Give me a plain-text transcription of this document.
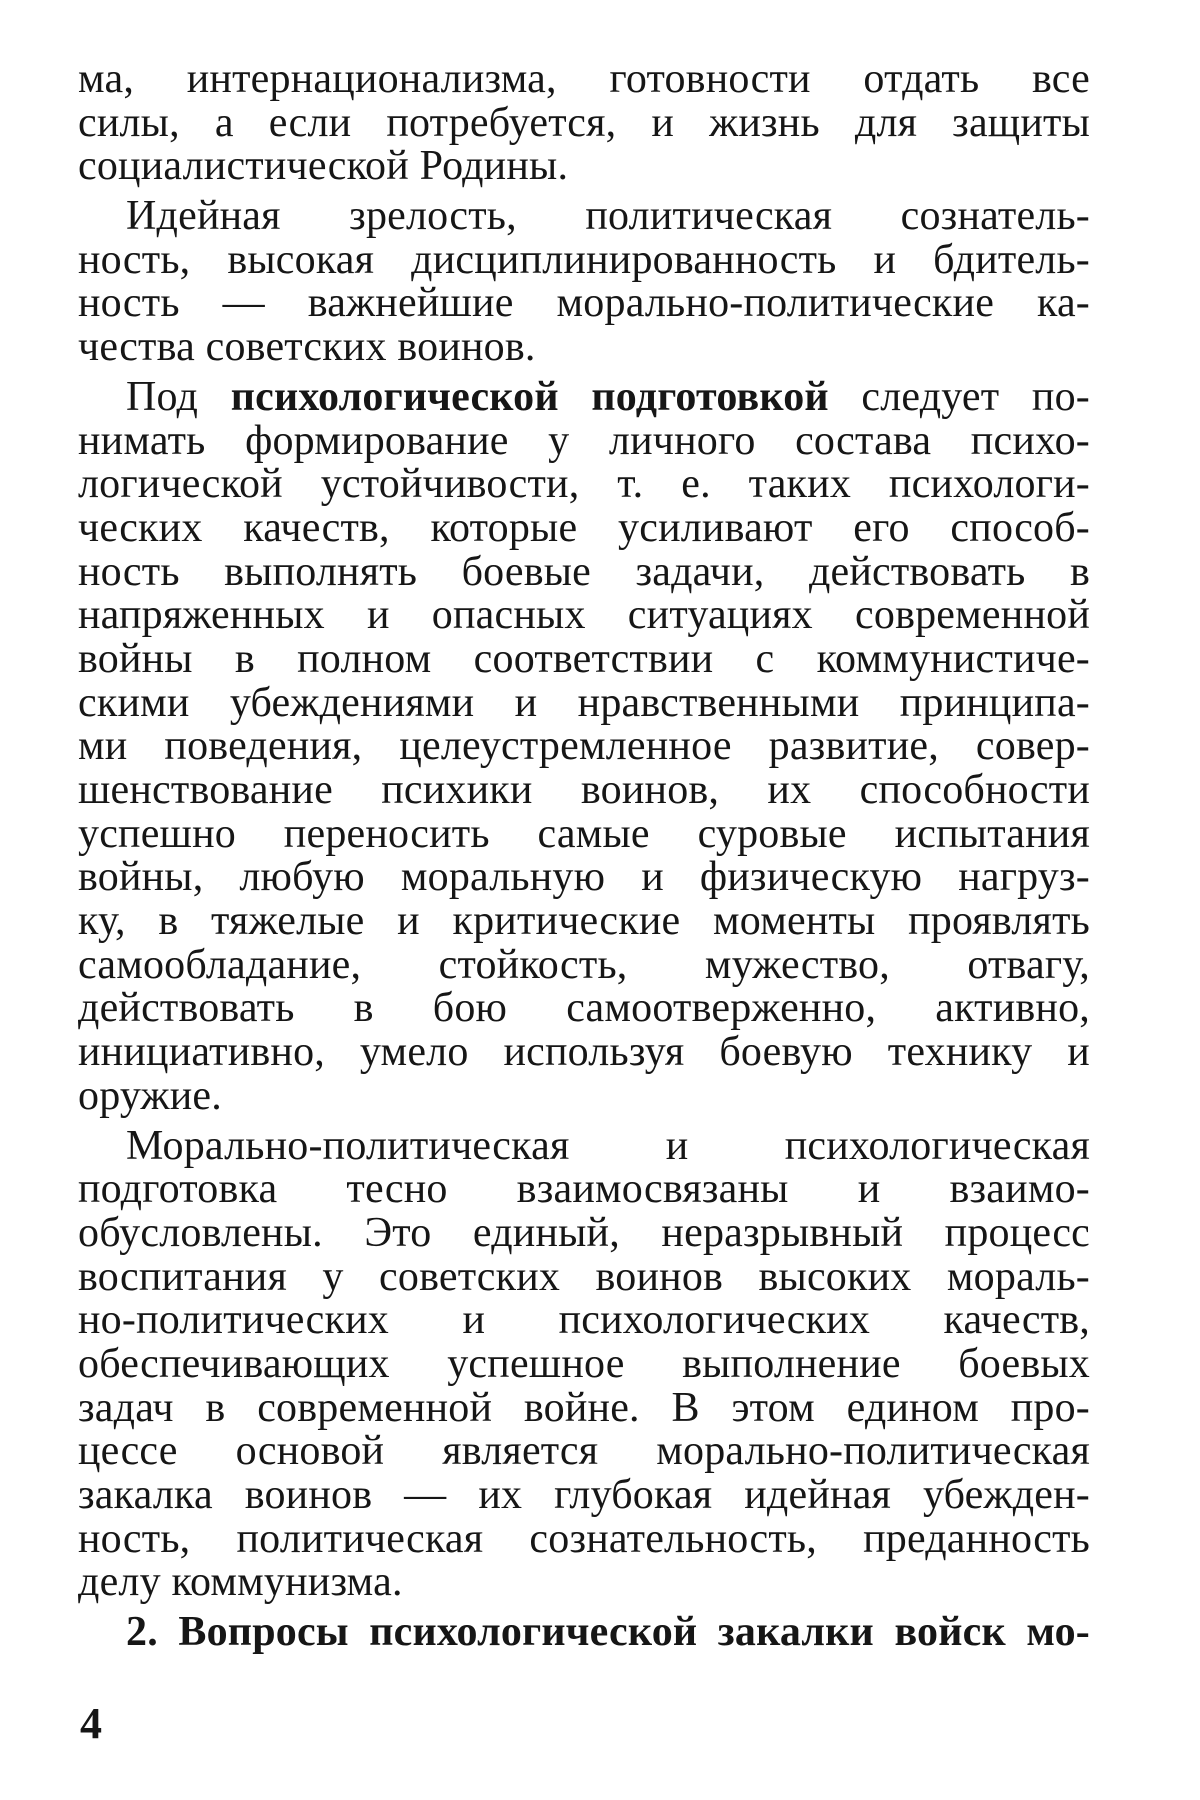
ма, интернационализма, готовности отдать все
силы, а если потребуется, и жизнь для защиты
социалистической Родины.
Идейная зрелость, политическая сознатель-
ность, высокая дисциплинированность и бдитель-
ность — важнейшие морально-политические ка-
чества советских воинов.
Под психологической подготовкой следует по-
нимать формирование у личного состава психо-
логической устойчивости, т. е. таких психологи-
ческих качеств, которые усиливают его способ-
ность выполнять боевые задачи, действовать в
напряженных и опасных ситуациях современной
войны в полном соответствии с коммунистиче-
скими убеждениями и нравственными принципа-
ми поведения, целеустремленное развитие, совер-
шенствование психики воинов, их способности
успешно переносить самые суровые испытания
войны, любую моральную и физическую нагруз-
ку, в тяжелые и критические моменты проявлять
самообладание, стойкость, мужество, отвагу,
действовать в бою самоотверженно, активно,
инициативно, умело используя боевую технику и
оружие.
Морально-политическая и психологическая
подготовка тесно взаимосвязаны и взаимо-
обусловлены. Это единый, неразрывный процесс
воспитания у советских воинов высоких мораль-
но-политических и психологических качеств,
обеспечивающих успешное выполнение боевых
задач в современной войне. В этом едином про-
цессе основой является морально-политическая
закалка воинов — их глубокая идейная убежден-
ность, политическая сознательность, преданность
делу коммунизма.
2. Вопросы психологической закалки войск мо-
4
